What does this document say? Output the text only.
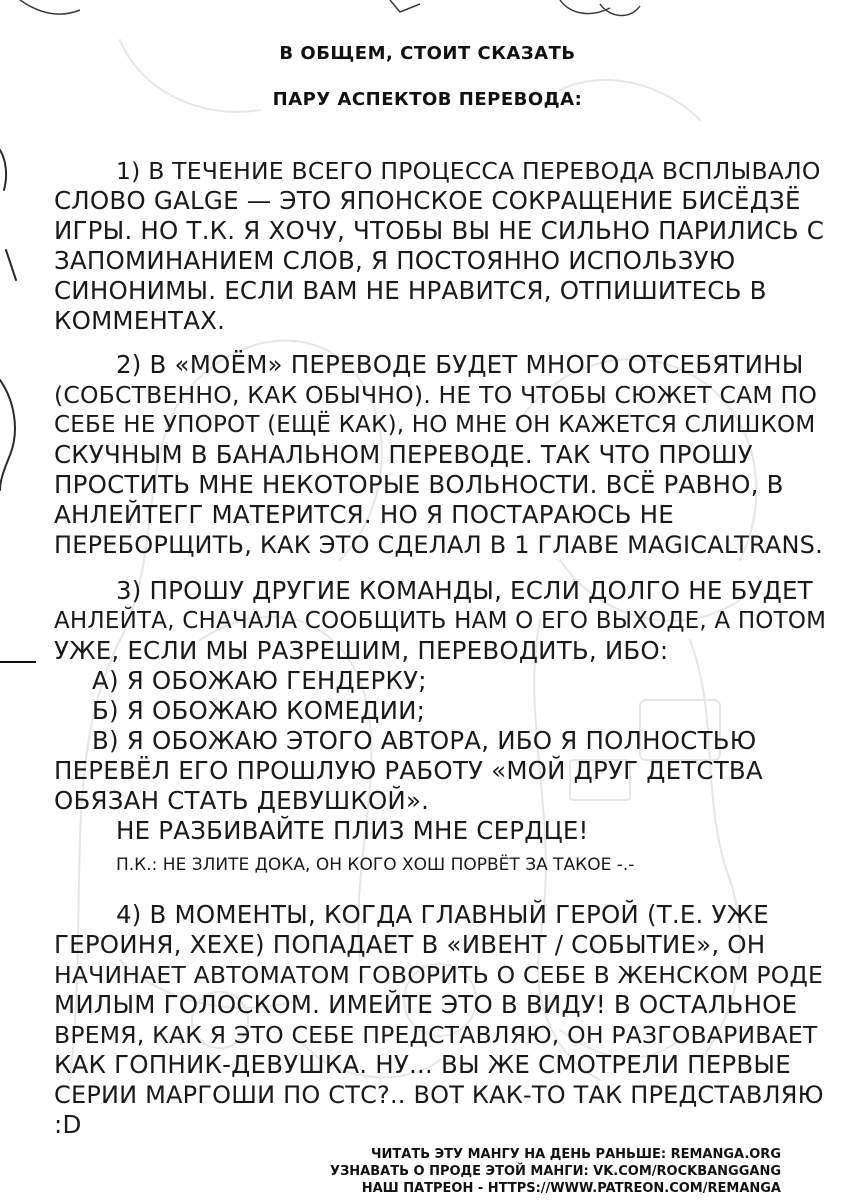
В ОБЩЕМ, СТОИТ СКАЗАТЬ
ПАРУ АСПЕКТОВ ПЕРЕВОДА:
1) В ТЕЧЕНИЕ ВСЕГО ПРОЦЕССА ПЕРЕВОДА ВСПЛЫВАЛО
СЛОВО GALGE — ЭТО ЯПОНСКОЕ СОКРАЩЕНИЕ БИСЁДЗЁ
ИГРЫ. НО Т.К. Я ХОЧУ, ЧТОБЫ ВЫ НЕ СИЛЬНО ПАРИЛИСЬ С
ЗАПОМИНАНИЕМ СЛОВ, Я ПОСТОЯННО ИСПОЛЬЗУЮ
СИНОНИМЫ. ЕСЛИ ВАМ НЕ НРАВИТСЯ, ОТПИШИТЕСЬ В
КОММЕНТАХ.
2) В «МОЁМ» ПЕРЕВОДЕ БУДЕТ МНОГО ОТСЕБЯТИНЫ
(СОБСТВЕННО, КАК ОБЫЧНО). НЕ ТО ЧТОБЫ СЮЖЕТ САМ ПО
СЕБЕ НЕ УПОРОТ (ЕЩЁ КАК), НО МНЕ ОН КАЖЕТСЯ СЛИШКОМ
СКУЧНЫМ В БАНАЛЬНОМ ПЕРЕВОДЕ. ТАК ЧТО ПРОШУ
ПРОСТИТЬ МНЕ НЕКОТОРЫЕ ВОЛЬНОСТИ. ВСЁ РАВНО, В
АНЛЕЙТЕГГ МАТЕРИТСЯ. НО Я ПОСТАРАЮСЬ НЕ
ПЕРЕБОРЩИТЬ, КАК ЭТО СДЕЛАЛ В 1 ГЛАВЕ MAGICALTRANS.
3) ПРОШУ ДРУГИЕ КОМАНДЫ, ЕСЛИ ДОЛГО НЕ БУДЕТ
АНЛЕЙТА, СНАЧАЛА СООБЩИТЬ НАМ О ЕГО ВЫХОДЕ, А ПОТОМ
УЖЕ, ЕСЛИ МЫ РАЗРЕШИМ, ПЕРЕВОДИТЬ, ИБО:
А) Я ОБОЖАЮ ГЕНДЕРКУ;
Б) Я ОБОЖАЮ КОМЕДИИ;
В) Я ОБОЖАЮ ЭТОГО АВТОРА, ИБО Я ПОЛНОСТЬЮ
ПЕРЕВЁЛ ЕГО ПРОШЛУЮ РАБОТУ «МОЙ ДРУГ ДЕТСТВА
ОБЯЗАН СТАТЬ ДЕВУШКОЙ».
НЕ РАЗБИВАЙТЕ ПЛИЗ МНЕ СЕРДЦЕ!
П.К.: НЕ ЗЛИТЕ ДОКА, ОН КОГО ХОШ ПОРВЁТ ЗА ТАКОЕ -.-
4) В МОМЕНТЫ, КОГДА ГЛАВНЫЙ ГЕРОЙ (Т.Е. УЖЕ
ГЕРОИНЯ, ХЕХЕ) ПОПАДАЕТ В «ИВЕНТ / СОБЫТИЕ», ОН
НАЧИНАЕТ АВТОМАТОМ ГОВОРИТЬ О СЕБЕ В ЖЕНСКОМ РОДЕ
МИЛЫМ ГОЛОСКОМ. ИМЕЙТЕ ЭТО В ВИДУ! В ОСТАЛЬНОЕ
ВРЕМЯ, КАК Я ЭТО СЕБЕ ПРЕДСТАВЛЯЮ, ОН РАЗГОВАРИВАЕТ
КАК ГОПНИК-ДЕВУШКА. НУ... ВЫ ЖЕ СМОТРЕЛИ ПЕРВЫЕ
СЕРИИ МАРГОШИ ПО СТС?.. ВОТ КАК-ТО ТАК ПРЕДСТАВЛЯЮ
:D
ЧИТАТЬ ЭТУ МАНГУ НА ДЕНЬ РАНЬШЕ: REMANGA.ORG
УЗНАВАТЬ О ПРОДЕ ЭТОЙ МАНГИ: VK.COM/ROCKBANGGANG
НАШ ПАТРЕОН - HTTPS://WWW.PATREON.COM/REMANGA
